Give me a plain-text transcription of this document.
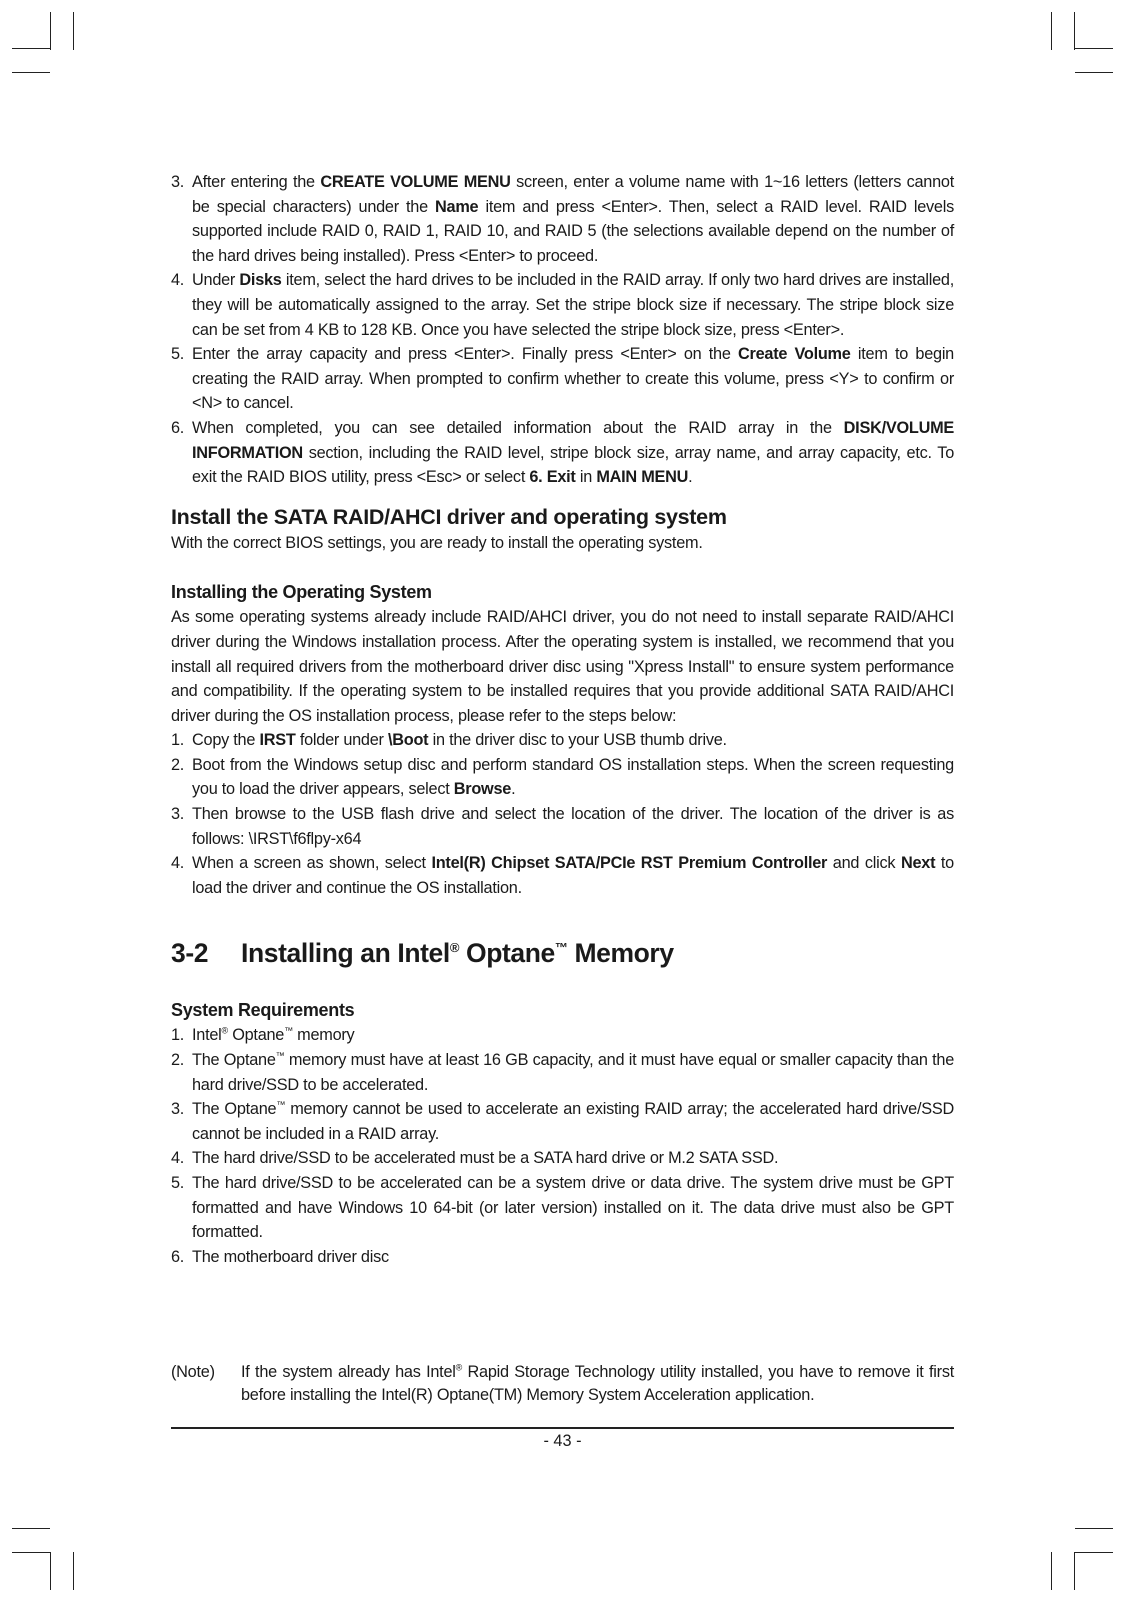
3. After entering the CREATE VOLUME MENU screen, enter a volume name with 1~16 letters (letters cannot be special characters) under the Name item and press <Enter>. Then, select a RAID level. RAID levels supported include RAID 0, RAID 1, RAID 10, and RAID 5 (the selections available depend on the number of the hard drives being installed). Press <Enter> to proceed.
4. Under Disks item, select the hard drives to be included in the RAID array. If only two hard drives are installed, they will be automatically assigned to the array. Set the stripe block size if necessary. The stripe block size can be set from 4 KB to 128 KB. Once you have selected the stripe block size, press <Enter>.
5. Enter the array capacity and press <Enter>. Finally press <Enter> on the Create Volume item to begin creating the RAID array. When prompted to confirm whether to create this volume, press <Y> to confirm or <N> to cancel.
6. When completed, you can see detailed information about the RAID array in the DISK/VOLUME INFORMATION section, including the RAID level, stripe block size, array name, and array capacity, etc. To exit the RAID BIOS utility, press <Esc> or select 6. Exit in MAIN MENU.
Install the SATA RAID/AHCI driver and operating system

With the correct BIOS settings, you are ready to install the operating system.

Installing the Operating System

As some operating systems already include RAID/AHCI driver, you do not need to install separate RAID/AHCI driver during the Windows installation process. After the operating system is installed, we recommend that you install all required drivers from the motherboard driver disc using "Xpress Install" to ensure system performance and compatibility. If the operating system to be installed requires that you provide additional SATA RAID/AHCI driver during the OS installation process, please refer to the steps below:

1. Copy the IRST folder under \Boot in the driver disc to your USB thumb drive.
2. Boot from the Windows setup disc and perform standard OS installation steps. When the screen requesting you to load the driver appears, select Browse.
3. Then browse to the USB flash drive and select the location of the driver. The location of the driver is as follows: \IRST\f6flpy-x64
4. When a screen as shown, select Intel(R) Chipset SATA/PCIe RST Premium Controller and click Next to load the driver and continue the OS installation.
3-2	Installing an Intel® Optane™ Memory
System Requirements
1. Intel® Optane™ memory
2. The Optane™ memory must have at least 16 GB capacity, and it must have equal or smaller capacity than the hard drive/SSD to be accelerated.
3. The Optane™ memory cannot be used to accelerate an existing RAID array; the accelerated hard drive/SSD cannot be included in a RAID array.
4. The hard drive/SSD to be accelerated must be a SATA hard drive or M.2 SATA SSD.
5. The hard drive/SSD to be accelerated can be a system drive or data drive. The system drive must be GPT formatted and have Windows 10 64-bit (or later version) installed on it. The data drive must also be GPT formatted.
6. The motherboard driver disc
(Note)	If the system already has Intel® Rapid Storage Technology utility installed, you have to remove it first before installing the Intel(R) Optane(TM) Memory System Acceleration application.
- 43 -
